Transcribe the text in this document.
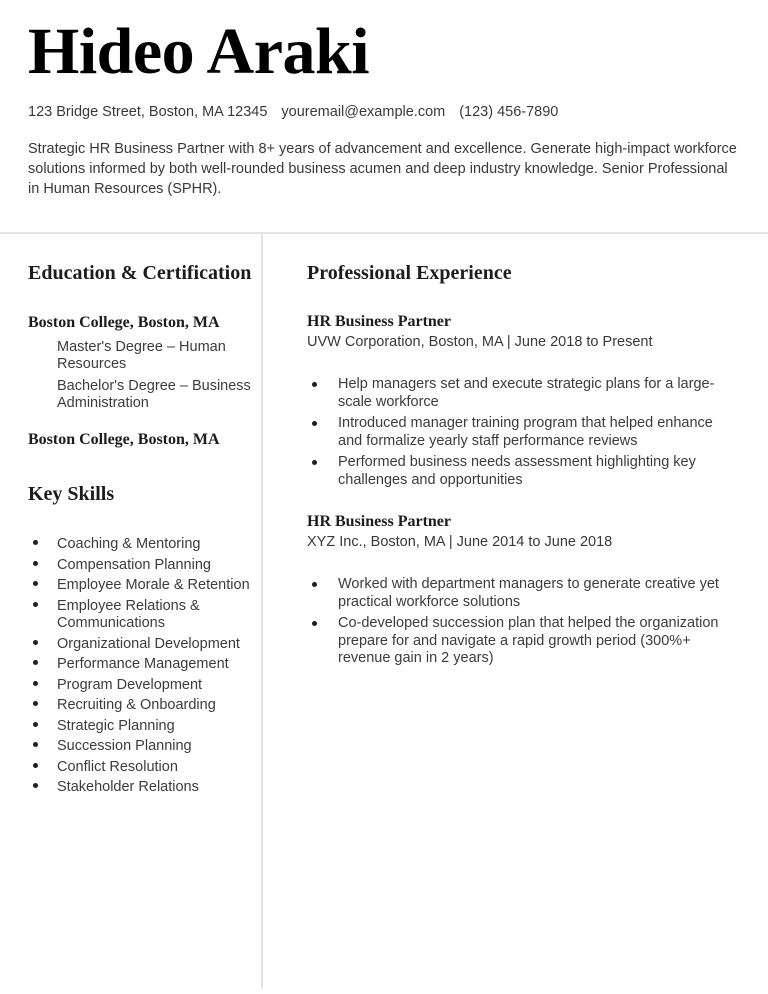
Hideo Araki
123 Bridge Street, Boston, MA 12345 youremail@example.com (123) 456-7890

Strategic HR Business Partner with 8+ years of advancement and excellence. Generate high-impact workforce solutions informed by both well-rounded business acumen and deep industry knowledge. Senior Professional in Human Resources (SPHR).

Education & Certification
Boston College, Boston, MA
Master's Degree – Human Resources
Bachelor's Degree – Business Administration
Boston College, Boston, MA
Key Skills
Coaching & Mentoring
Compensation Planning
Employee Morale & Retention
Employee Relations & Communications
Organizational Development
Performance Management
Program Development
Recruiting & Onboarding
Strategic Planning
Succession Planning
Conflict Resolution
Stakeholder Relations
Professional Experience
HR Business Partner
UVW Corporation, Boston, MA | June 2018 to Present
Help managers set and execute strategic plans for a large-scale workforce
Introduced manager training program that helped enhance and formalize yearly staff performance reviews
Performed business needs assessment highlighting key challenges and opportunities
HR Business Partner
XYZ Inc., Boston, MA | June 2014 to June 2018
Worked with department managers to generate creative yet practical workforce solutions
Co-developed succession plan that helped the organization prepare for and navigate a rapid growth period (300%+ revenue gain in 2 years)
